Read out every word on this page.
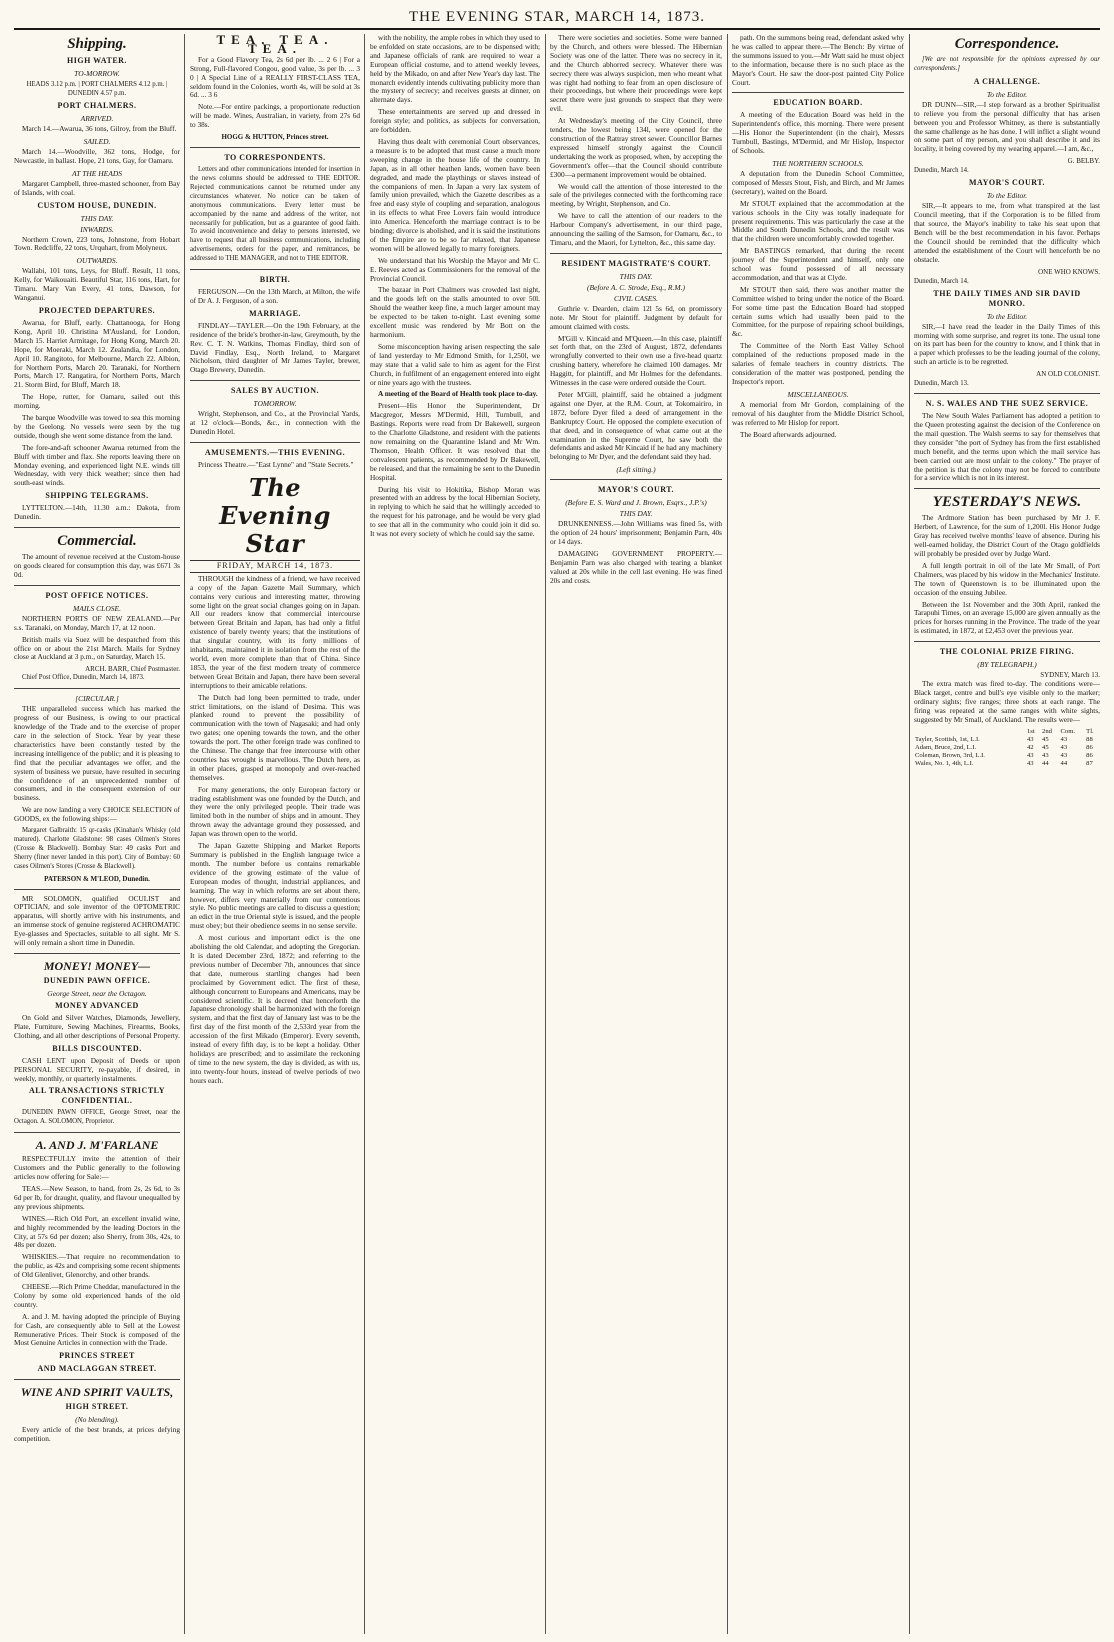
THE EVENING STAR, MARCH 14, 1873.
Shipping.
HIGH WATER.
TO-MORROW.
HEADS 3.12 p.m. | PORT CHALMERS 4.12 p.m. | DUNEDIN 4.57 p.m.
PORT CHALMERS.
ARRIVED.

March 14.—Awarua, 36 tons, Gilroy, from the Bluff.

SAILED.

March 14.—Woodville, 362 tons, Hodge, for Newcastle, in ballast. Hope, 21 tons, Gay, for Oamaru.

AT THE HEADS

Margaret Campbell, three-masted schooner, from Bay of Islands, with coal.

CUSTOM HOUSE, DUNEDIN.
THIS DAY.
INWARDS.

Northern Crown, 223 tons, Johnstone, from Hobart Town. Redcliffe, 22 tons, Urquhart, from Molyneux.

OUTWARDS.

Wallabi, 101 tons, Leys, for Bluff. Result, 11 tons, Kelly, for Waikouaiti. Beautiful Star, 116 tons, Hart, for Timaru. Mary Van Every, 41 tons, Dawson, for Wanganui.

PROJECTED DEPARTURES.

Awarua, for Bluff, early. Chattanooga, for Hong Kong, April 10. Christina M'Ausland, for London, March 15. Harriet Armitage, for Hong Kong, March 20. Hope, for Moeraki, March 12. Zealandia, for London, April 10. Rangitoto, for Melbourne, March 22. Albion, for Northern Ports, March 20. Taranaki, for Northern Ports, March 17. Rangatira, for Northern Ports, March 21. Storm Bird, for Bluff, March 18.

The Hope, rutter, for Oamaru, sailed out this morning.

The barque Woodville was towed to sea this morning by the Geelong. No vessels were seen by the tug outside, though she went some distance from the land.

The fore-and-aft schooner Awarua returned from the Bluff with timber and flax. She reports leaving there on Monday evening, and experienced light N.E. winds till Wednesday, with very thick weather; since then had south-east winds.

SHIPPING TELEGRAMS.

LYTTELTON.—14th, 11.30 a.m.: Dakota, from Dunedin.

Commercial.

The amount of revenue received at the Custom-house on goods cleared for consumption this day, was £671 3s 0d.

POST OFFICE NOTICES.
MAILS CLOSE.

NORTHERN PORTS OF NEW ZEALAND.—Per s.s. Taranaki, on Monday, March 17, at 12 noon.

British mails via Suez will be despatched from this office on or about the 21st March. Mails for Sydney close at Auckland at 3 p.m., on Saturday, March 15.

ARCH. BARR, Chief Postmaster.

Chief Post Office, Dunedin, March 14, 1873.

[CIRCULAR.]

THE unparalleled success which has marked the progress of our Business, is owing to our practical knowledge of the Trade and to the exercise of proper care in the selection of Stock. Year by year these characteristics have been constantly tested by the increasing intelligence of the public; and it is pleasing to find that the peculiar advantages we offer, and the system of business we pursue, have resulted in securing the confidence of an unprecedented number of consumers, and in the consequent extension of our business.

We are now landing a very CHOICE SELECTION of GOODS, ex the following ships:—

Margaret Galbraith: 15 qr-casks (Kinahan's Whisky (old matured). Charlotte Gladstone: 98 cases Oilmen's Stores (Crosse & Blackwell). Bombay Star: 49 casks Port and Sherry (finer never landed in this port). City of Bombay: 60 cases Oilmen's Stores (Crosse & Blackwell).

PATERSON & M'LEOD, Dunedin.

MR SOLOMON, qualified OCULIST and OPTICIAN, and sole inventor of the OPTOMETRIC apparatus, will shortly arrive with his instruments, and an immense stock of genuine registered ACHROMATIC Eye-glasses and Spectacles, suitable to all sight. Mr S. will only remain a short time in Dunedin.

MONEY! MONEY—
DUNEDIN PAWN OFFICE.
George Street, near the Octagon.
MONEY ADVANCED

On Gold and Silver Watches, Diamonds, Jewellery, Plate, Furniture, Sewing Machines, Firearms, Books, Clothing, and all other descriptions of Personal Property.

BILLS DISCOUNTED.

CASH LENT upon Deposit of Deeds or upon PERSONAL SECURITY, re-payable, if desired, in weekly, monthly, or quarterly instalments.

ALL TRANSACTIONS STRICTLY CONFIDENTIAL.

DUNEDIN PAWN OFFICE, George Street, near the Octagon. A. SOLOMON, Proprietor.

A. AND J. M'FARLANE

RESPECTFULLY invite the attention of their Customers and the Public generally to the following articles now offering for Sale:—

TEAS.—New Season, to hand, from 2s, 2s 6d, to 3s 6d per lb, for draught, quality, and flavour unequalled by any previous shipments.

WINES.—Rich Old Port, an excellent invalid wine, and highly recommended by the leading Doctors in the City, at 57s 6d per dozen; also Sherry, from 30s, 42s, to 48s per dozen.

WHISKIES.—That require no recommendation to the public, as 42s and comprising some recent shipments of Old Glenlivet, Glenorchy, and other brands.

CHEESE.—Rich Prime Cheddar, manufactured in the Colony by some old experienced hands of the old country.

A. and J. M. having adopted the principle of Buying for Cash, are consequently able to Sell at the Lowest Remunerative Prices. Their Stock is composed of the Most Genuine Articles in connection with the Trade.

PRINCES STREET
AND MACLAGGAN STREET.
WINE AND SPIRIT VAULTS,
HIGH STREET.
(No blending).

Every article of the best brands, at prices defying competition.

TEA. TEA. TEA.

For a Good Flavory Tea, 2s 6d per lb. ... 2 6 | For a Strong, Full-flavored Congou, good value, 3s per lb. ... 3 0 | A Special Line of a REALLY FIRST-CLASS TEA, seldom found in the Colonies, worth 4s, will be sold at 3s 6d. ... 3 6

Note.—For entire packings, a proportionate reduction will be made. Wines, Australian, in variety, from 27s 6d to 38s.

HOGG & HUTTON, Princes street.
TO CORRESPONDENTS.

Letters and other communications intended for insertion in the news columns should be addressed to THE EDITOR. Rejected communications cannot be returned under any circumstances whatever. No notice can be taken of anonymous communications. Every letter must be accompanied by the name and address of the writer, not necessarily for publication, but as a guarantee of good faith. To avoid inconvenience and delay to persons interested, we have to request that all business communications, including advertisements, orders for the paper, and remittances, be addressed to THE MANAGER, and not to THE EDITOR.

BIRTH.

FERGUSON.—On the 13th March, at Milton, the wife of Dr A. J. Ferguson, of a son.

MARRIAGE.

FINDLAY—TAYLER.—On the 19th February, at the residence of the bride's brother-in-law, Greymouth, by the Rev. C. T. N. Watkins, Thomas Findlay, third son of David Findlay, Esq., North Ireland, to Margaret Nicholson, third daughter of Mr James Tayler, brewer, Otago Brewery, Dunedin.

SALES BY AUCTION.
TOMORROW.

Wright, Stephenson, and Co., at the Provincial Yards, at 12 o'clock—Bonds, &c., in connection with the Dunedin Hotel.

AMUSEMENTS.—THIS EVENING.

Princess Theatre.—"East Lynne" and "State Secrets."

The Evening Star
FRIDAY, MARCH 14, 1873.

THROUGH the kindness of a friend, we have received a copy of the Japan Gazette Mail Summary, which contains very curious and interesting matter, throwing some light on the great social changes going on in Japan. All our readers know that commercial intercourse between Great Britain and Japan, has had only a fitful existence of barely twenty years; that the institutions of that singular country, with its forty millions of inhabitants, maintained it in isolation from the rest of the world, even more complete than that of China. Since 1853, the year of the first modern treaty of commerce between Great Britain and Japan, there have been several interruptions to their amicable relations.

The Dutch had long been permitted to trade, under strict limitations, on the island of Desima. This was planked round to prevent the possibility of communication with the town of Nagasaki; and had only two gates; one opening towards the town, and the other towards the port. The other foreign trade was confined to the Chinese. The change that free intercourse with other countries has wrought is marvellous. The Dutch here, as in other places, grasped at monopoly and over-reached themselves.

For many generations, the only European factory or trading establishment was one founded by the Dutch, and they were the only privileged people. Their trade was limited both in the number of ships and in amount. They thrown away the advantage ground they possessed, and Japan was thrown open to the world.

The Japan Gazette Shipping and Market Reports Summary is published in the English language twice a month. The number before us contains remarkable evidence of the growing estimate of the value of European modes of thought, industrial appliances, and learning. The way in which reforms are set about there, however, differs very materially from our contentious style. No public meetings are called to discuss a question; an edict in the true Oriental style is issued, and the people must obey; but their obedience seems in no sense servile.

A most curious and important edict is the one abolishing the old Calendar, and adopting the Gregorian. It is dated December 23rd, 1872; and referring to the previous number of December 7th, announces that since that date, numerous startling changes had been proclaimed by Government edict. The first of these, although concurrent to Europeans and Americans, may be considered scientific. It is decreed that henceforth the Japanese chronology shall be harmonized with the foreign system, and that the first day of January last was to be the first day of the first month of the 2,533rd year from the accession of the first Mikado (Emperor). Every seventh, instead of every fifth day, is to be kept a holiday. Other holidays are prescribed; and to assimilate the reckoning of time to the new system, the day is divided, as with us, into twenty-four hours, instead of twelve periods of two hours each.

with the nobility, the ample robes in which they used to be enfolded on state occasions, are to be dispensed with; and Japanese officials of rank are required to wear a European official costume, and to attend weekly levees, held by the Mikado, on and after New Year's day last. The monarch evidently intends cultivating publicity more than the mystery of secrecy; and receives guests at dinner, on alternate days.

These entertainments are served up and dressed in foreign style; and politics, as subjects for conversation, are forbidden.

Having thus dealt with ceremonial Court observances, a measure is to be adopted that must cause a much more sweeping change in the house life of the country. In Japan, as in all other heathen lands, women have been degraded, and made the playthings or slaves instead of the companions of men. In Japan a very lax system of family union prevailed, which the Gazette describes as a free and easy style of coupling and separation, analogous in its effects to what Free Lovers fain would introduce into America. Henceforth the marriage contract is to be binding; divorce is abolished, and it is said the institutions of the Empire are to be so far relaxed, that Japanese women will be allowed legally to marry foreigners.

We understand that his Worship the Mayor and Mr C. E. Reeves acted as Commissioners for the removal of the Provincial Council.

The bazaar in Port Chalmers was crowded last night, and the goods left on the stalls amounted to over 50l. Should the weather keep fine, a much larger amount may be expected to be taken to-night. Last evening some excellent music was rendered by Mr Bott on the harmonium.

Some misconception having arisen respecting the sale of land yesterday to Mr Edmond Smith, for 1,250l, we may state that a valid sale to him as agent for the First Church, in fulfilment of an engagement entered into eight or nine years ago with the trustees.

A meeting of the Board of Health took place to-day.

Present—His Honor the Superintendent, Dr Macgregor, Messrs M'Dermid, Hill, Turnbull, and Bastings. Reports were read from Dr Bakewell, surgeon to the Charlotte Gladstone, and resident with the patients now remaining on the Quarantine Island and Mr Wm. Thomson, Health Officer. It was resolved that the convalescent patients, as recommended by Dr Bakewell, be released, and that the remaining be sent to the Dunedin Hospital.

During his visit to Hokitika, Bishop Moran was presented with an address by the local Hibernian Society, in replying to which he said that he willingly acceded to the request for his patronage, and he would be very glad to see that all in the community who could join it did so. It was not every society of which he could say the same.

There were societies and societies. Some were banned by the Church, and others were blessed. The Hibernian Society was one of the latter. There was no secrecy in it, and the Church abhorred secrecy. Whatever there was secrecy there was always suspicion, men who meant what was right had nothing to fear from an open disclosure of their proceedings, but where their proceedings were kept secret there were just grounds to suspect that they were evil.

At Wednesday's meeting of the City Council, three tenders, the lowest being 134l, were opened for the construction of the Rattray street sewer. Councillor Barnes expressed himself strongly against the Council undertaking the work as proposed, when, by accepting the Government's offer—that the Council should contribute £300—a permanent improvement would be obtained.

We would call the attention of those interested to the sale of the privileges connected with the forthcoming race meeting, by Wright, Stephenson, and Co.

We have to call the attention of our readers to the Harbour Company's advertisement, in our third page, announcing the sailing of the Samson, for Oamaru, &c., to Timaru, and the Maori, for Lyttelton, &c., this same day.

RESIDENT MAGISTRATE'S COURT.
THIS DAY.
(Before A. C. Strode, Esq., R.M.)
CIVIL CASES.

Guthrie v. Dearden, claim 12l 5s 6d, on promissory note. Mr Stout for plaintiff. Judgment by default for amount claimed with costs.

M'Gill v. Kincaid and M'Queen.—In this case, plaintiff set forth that, on the 23rd of August, 1872, defendants wrongfully converted to their own use a five-head quartz crushing battery, wherefore he claimed 100 damages. Mr Haggitt, for plaintiff, and Mr Holmes for the defendants. Witnesses in the case were ordered outside the Court.

Peter M'Gill, plaintiff, said he obtained a judgment against one Dyer, at the R.M. Court, at Tokomairiro, in 1872, before Dyer filed a deed of arrangement in the Bankruptcy Court. He opposed the complete execution of that deed, and in consequence of what came out at the examination in the Supreme Court, he saw both the defendants and asked Mr Kincaid if he had any machinery belonging to Mr Dyer, and the defendant said they had.

(Left sitting.)
MAYOR'S COURT.
(Before E. S. Ward and J. Brown, Esqrs., J.P.'s)
THIS DAY.

DRUNKENNESS.—John Williams was fined 5s, with the option of 24 hours' imprisonment; Benjamin Parn, 40s or 14 days.

DAMAGING GOVERNMENT PROPERTY.—Benjamin Parn was also charged with tearing a blanket valued at 20s while in the cell last evening. He was fined 20s and costs.

path. On the summons being read, defendant asked why he was called to appear there.—The Bench: By virtue of the summons issued to you.—Mr Watt said he must object to the information, because there is no such place as the Mayor's Court. He saw the door-post painted City Police Court.

EDUCATION BOARD.

A meeting of the Education Board was held in the Superintendent's office, this morning. There were present—His Honor the Superintendent (in the chair), Messrs Turnbull, Bastings, M'Dermid, and Mr Hislop, Inspector of Schools.

THE NORTHERN SCHOOLS.

A deputation from the Dunedin School Committee, composed of Messrs Stout, Fish, and Birch, and Mr James (secretary), waited on the Board.

Mr STOUT explained that the accommodation at the various schools in the City was totally inadequate for present requirements. This was particularly the case at the Middle and South Dunedin Schools, and the result was that the children were uncomfortably crowded together.

Mr BASTINGS remarked, that during the recent journey of the Superintendent and himself, only one school was found possessed of all necessary accommodation, and that was at Clyde.

Mr STOUT then said, there was another matter the Committee wished to bring under the notice of the Board. For some time past the Education Board had stopped certain sums which had usually been paid to the Committee, for the purpose of repairing school buildings, &c.

The Committee of the North East Valley School complained of the reductions proposed made in the salaries of female teachers in country districts. The consideration of the matter was postponed, pending the Inspector's report.

MISCELLANEOUS.

A memorial from Mr Gordon, complaining of the removal of his daughter from the Middle District School, was referred to Mr Hislop for report.

The Board afterwards adjourned.

Correspondence.

[We are not responsible for the opinions expressed by our correspondents.]

A CHALLENGE.
To the Editor.

DR DUNN—SIR,—I step forward as a brother Spiritualist to relieve you from the personal difficulty that has arisen between you and Professor Whitney, as there is substantially the same challenge as he has done. I will inflict a slight wound on some part of my person, and you shall describe it and its locality, it being covered by my wearing apparel.—I am, &c.,

G. BELBY.
Dunedin, March 14.
MAYOR'S COURT.
To the Editor.

SIR,—It appears to me, from what transpired at the last Council meeting, that if the Corporation is to be filled from that source, the Mayor's inability to take his seat upon that Bench will be the best recommendation in his favor. Perhaps the Council should be reminded that the difficulty which attended the establishment of the Court will henceforth be no obstacle.

ONE WHO KNOWS.
Dunedin, March 14.
THE DAILY TIMES AND SIR DAVID MONRO.
To the Editor.

SIR,—I have read the leader in the Daily Times of this morning with some surprise, and regret its tone. The usual tone on its part has been for the country to know, and I think that in a paper which professes to be the leading journal of the colony, such an article is to be regretted.

AN OLD COLONIST.
Dunedin, March 13.
N. S. WALES AND THE SUEZ SERVICE.

The New South Wales Parliament has adopted a petition to the Queen protesting against the decision of the Conference on the mail question. The Walsh seems to say for themselves that they consider "the port of Sydney has from the first established much benefit, and the terms upon which the mail service has been carried out are most unfair to the colony." The prayer of the petition is that the colony may not be forced to contribute for a service which is not in its interest.

YESTERDAY'S NEWS.

The Ardmore Station has been purchased by Mr J. F. Herbert, of Lawrence, for the sum of 1,200l. His Honor Judge Gray has received twelve months' leave of absence. During his well-earned holiday, the District Court of the Otago goldfields will probably be presided over by Judge Ward.

A full length portrait in oil of the late Mr Small, of Port Chalmers, was placed by his widow in the Mechanics' Institute. The town of Queenstown is to be illuminated upon the occasion of the ensuing Jubilee.

Between the 1st November and the 30th April, ranked the Tarapuhi Times, on an average 15,000 are given annually as the prices for horses running in the Province. The trade of the year is estimated, in 1872, at £2,453 over the previous year.

THE COLONIAL PRIZE FIRING.
(BY TELEGRAPH.)
SYDNEY, March 13.

The extra match was fired to-day. The conditions were—Black target, centre and bull's eye visible only to the marker; ordinary sights; five ranges; three shots at each range. The firing was repeated at the same ranges with white sights, suggested by Mr Small, of Auckland. The results were—

	1st	2nd	Com.	Tl.
Tayler, Scottish, 1st, L.I.	43	45	43	88
Adam, Bruce, 2nd, L.I.	42	45	43	86
Coleman, Brown, 3rd, L.I.	43	43	43	86
Wales, No. 1, 4th, L.I.	43	44	44	87
